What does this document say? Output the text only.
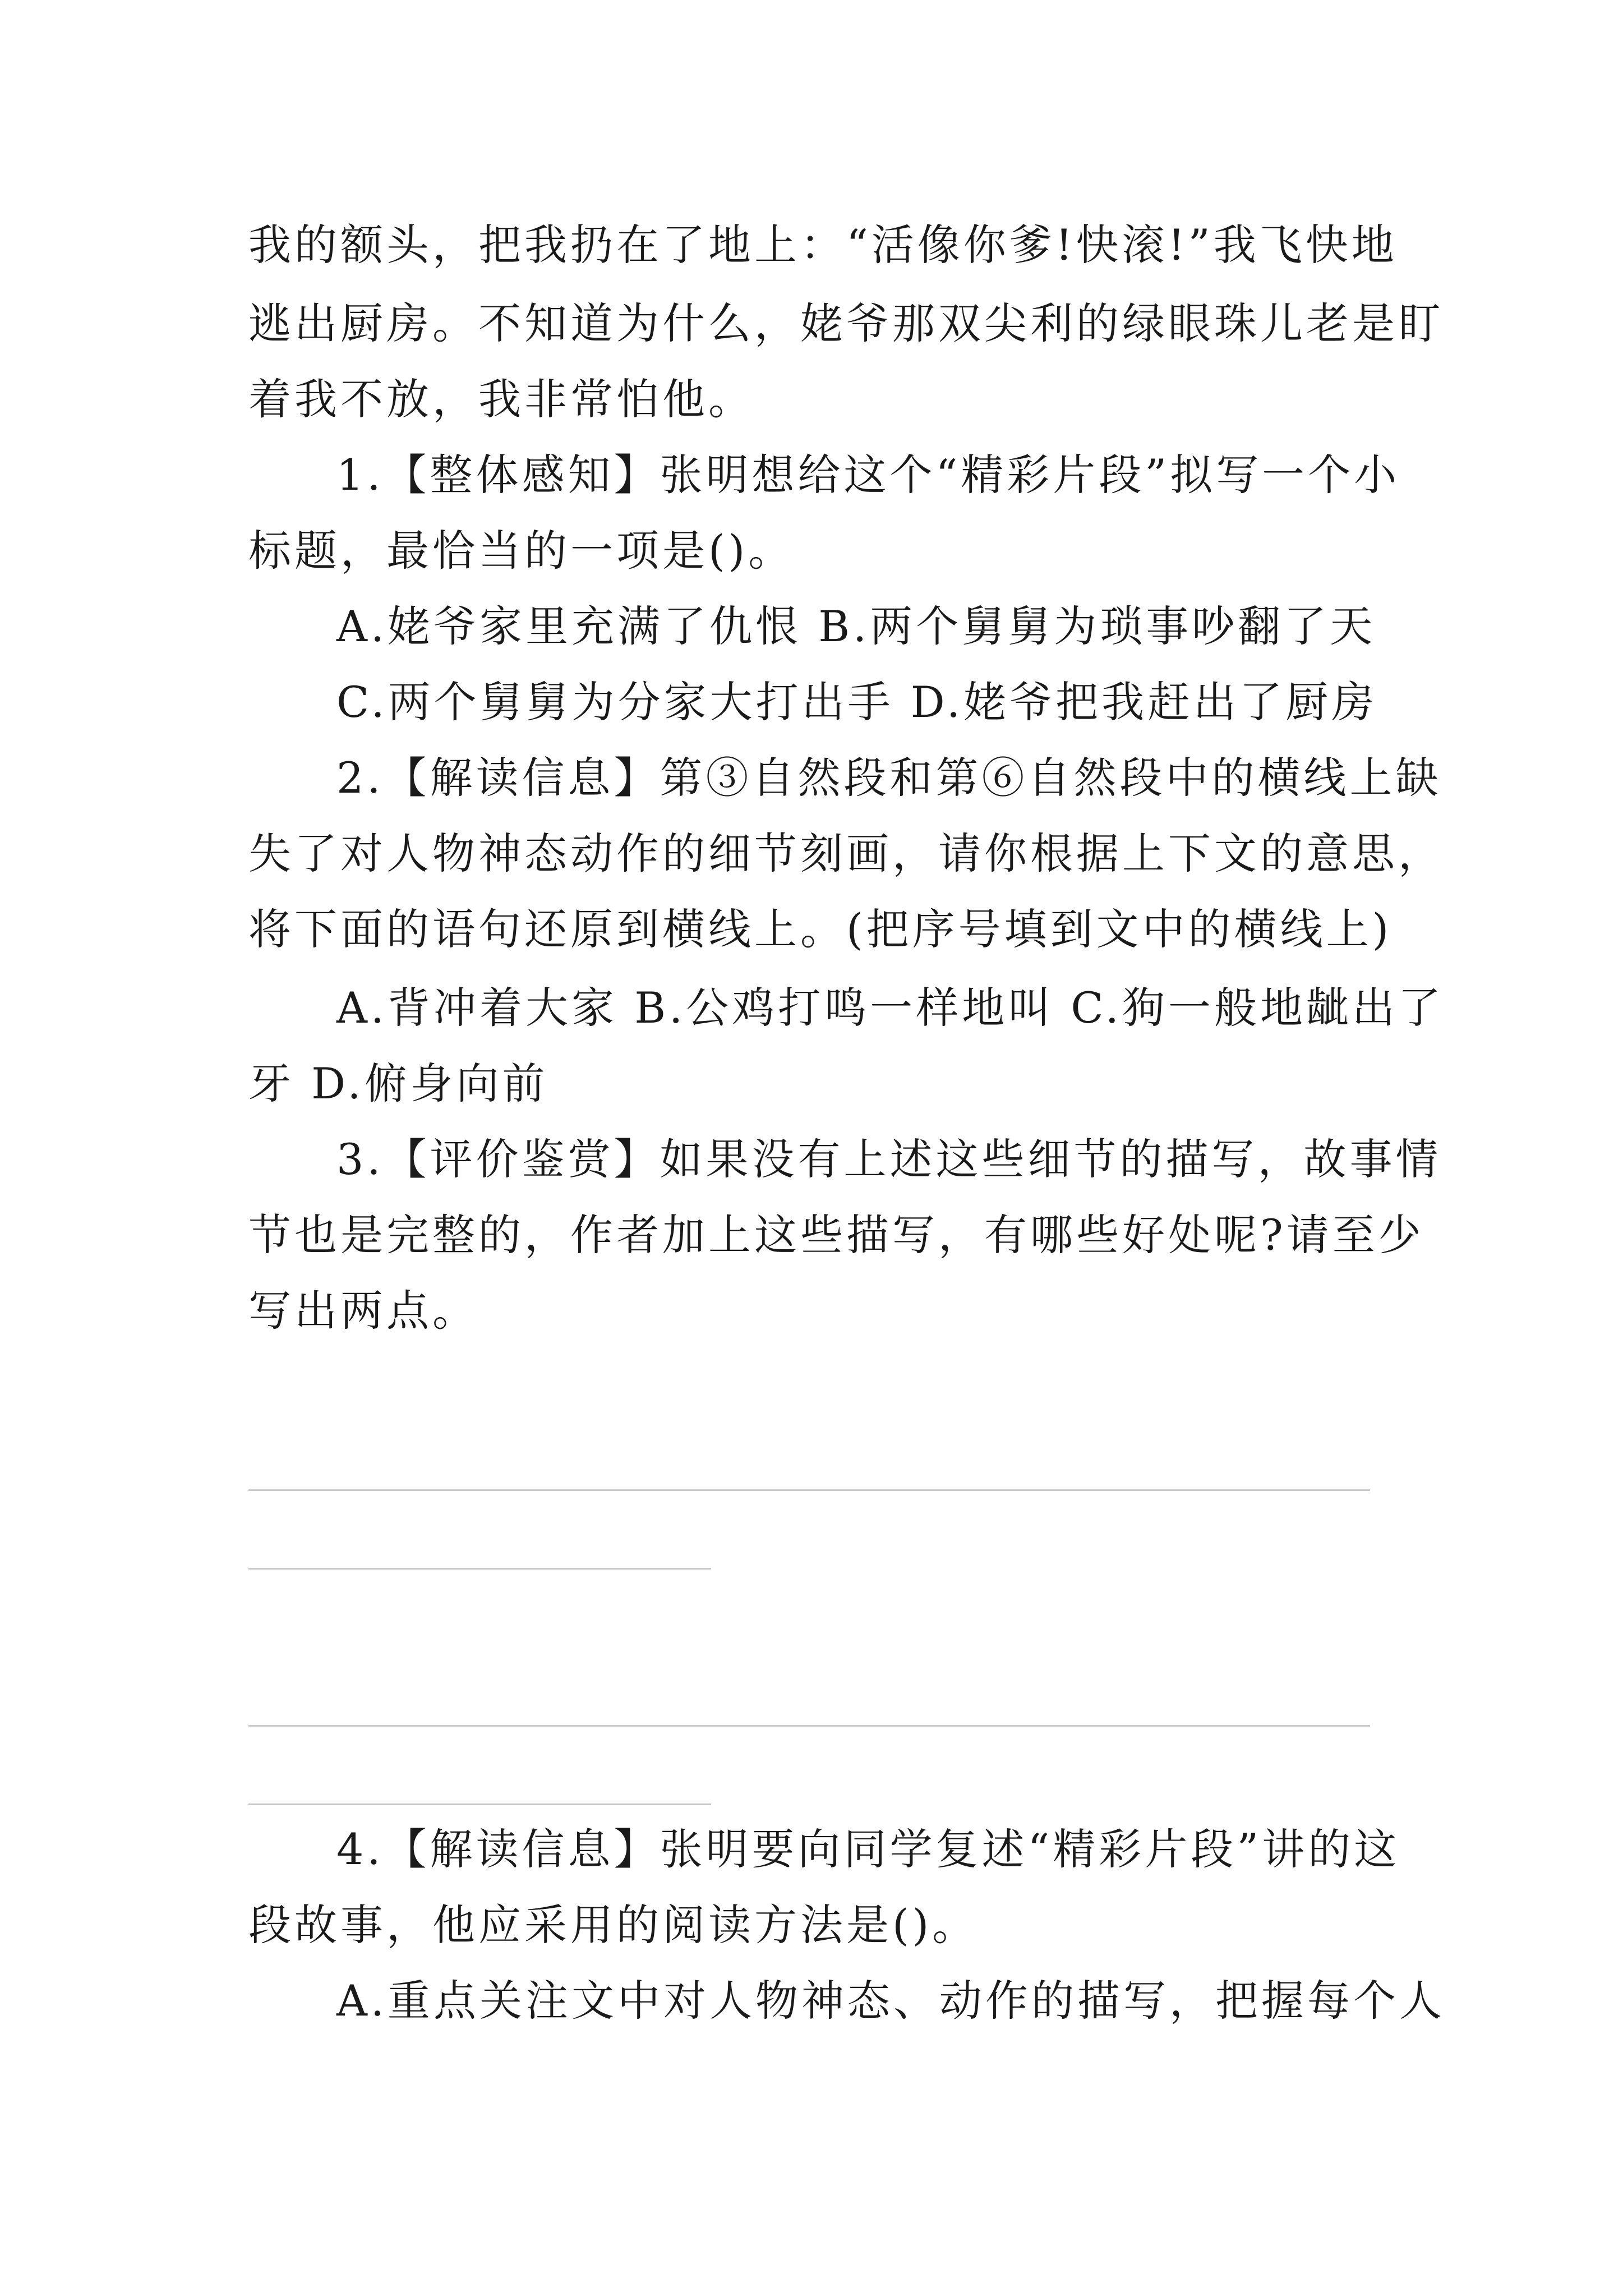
我的额头，把我扔在了地上：“活像你爹!快滚!”我飞快地
逃出厨房。不知道为什么，姥爷那双尖利的绿眼珠儿老是盯
着我不放，我非常怕他。
1.【整体感知】张明想给这个“精彩片段”拟写一个小
标题，最恰当的一项是()。
A.姥爷家里充满了仇恨 B.两个舅舅为琐事吵翻了天
C.两个舅舅为分家大打出手 D.姥爷把我赶出了厨房
2.【解读信息】第③自然段和第⑥自然段中的横线上缺
失了对人物神态动作的细节刻画，请你根据上下文的意思，
将下面的语句还原到横线上。(把序号填到文中的横线上)
A.背冲着大家 B.公鸡打鸣一样地叫 C.狗一般地龇出了
牙 D.俯身向前
3.【评价鉴赏】如果没有上述这些细节的描写，故事情
节也是完整的，作者加上这些描写，有哪些好处呢?请至少
写出两点。
4.【解读信息】张明要向同学复述“精彩片段”讲的这
段故事，他应采用的阅读方法是()。
A.重点关注文中对人物神态、动作的描写，把握每个人
